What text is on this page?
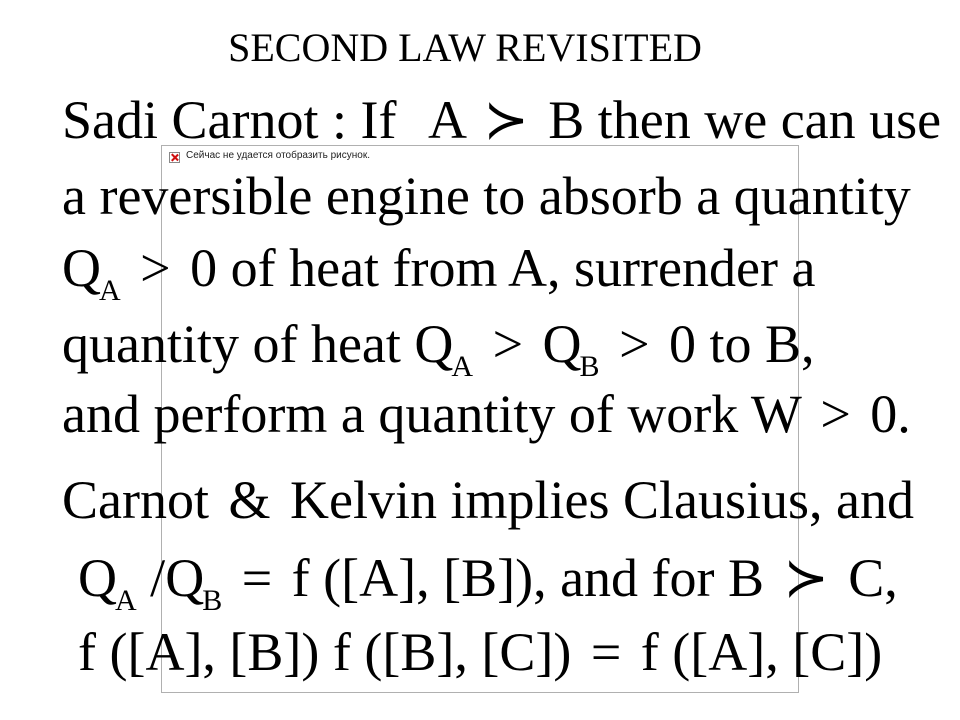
SECOND LAW REVISITED
Сейчас не удается отобразить рисунок.
Sadi Carnot : If A ≻ B then we can use
a reversible engine to absorb a quantity
$Q_A > 0$ of heat from A, surrender a
quantity of heat $Q_A > Q_B > 0$ to B,
and perform a quantity of work W > 0.
Carnot & Kelvin implies Clausius, and
$Q_A$ $/Q_B = f$ ([A], [B]), and for B ≻ C,
f ([A], [B]) f ([B], [C]) = f ([A], [C])
